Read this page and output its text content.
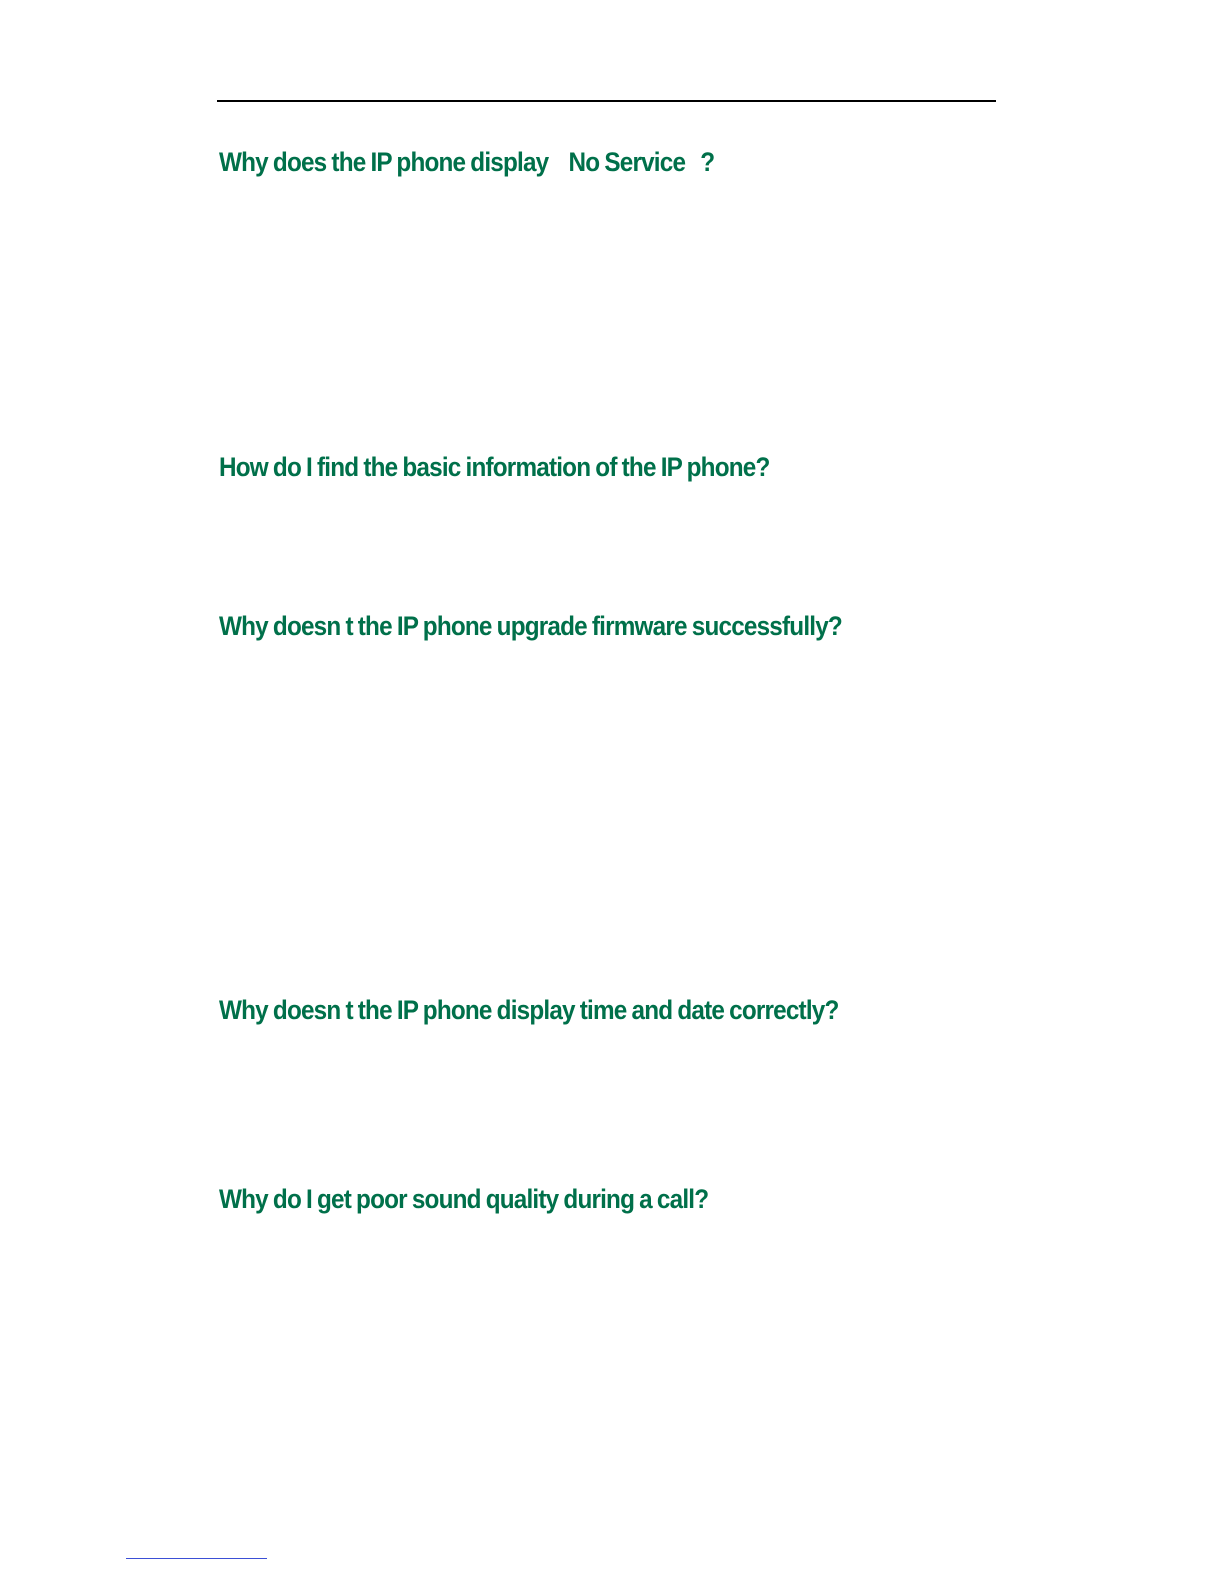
Why does the IP phone display    No Service   ?
How do I find the basic information of the IP phone?
Why doesn t the IP phone upgrade firmware successfully?
Why doesn t the IP phone display time and date correctly?
Why do I get poor sound quality during a call?
